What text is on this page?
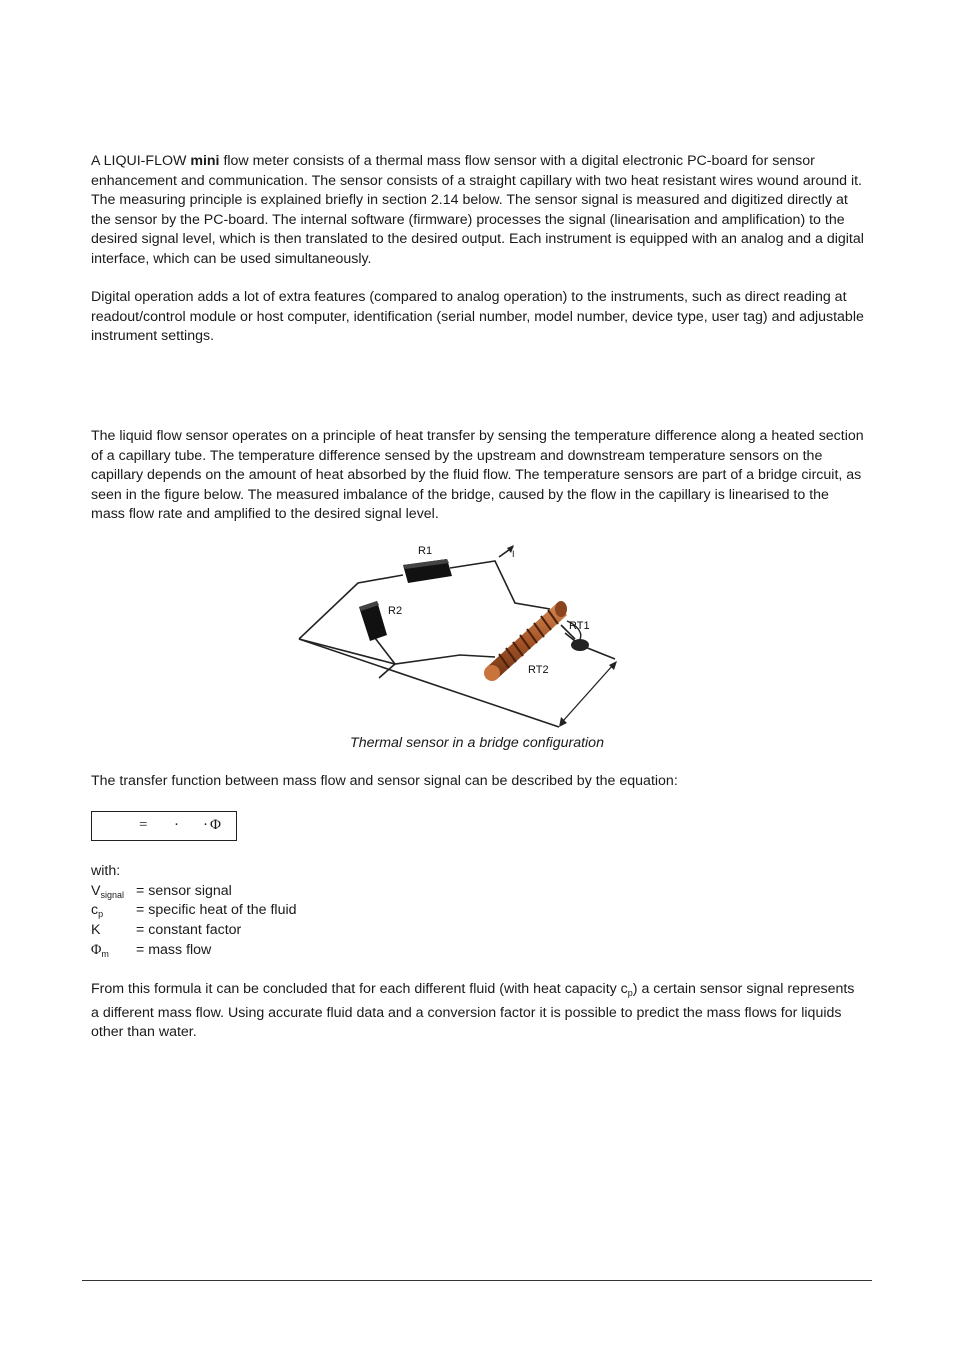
A LIQUI-FLOW mini flow meter consists of a thermal mass flow sensor with a digital electronic PC-board for sensor enhancement and communication. The sensor consists of a straight capillary with two heat resistant wires wound around it. The measuring principle is explained briefly in section 2.14 below. The sensor signal is measured and digitized directly at the sensor by the PC-board. The internal software (firmware) processes the signal (linearisation and amplification) to the desired signal level, which is then translated to the desired output. Each instrument is equipped with an analog and a digital interface, which can be used simultaneously.

Digital operation adds a lot of extra features (compared to analog operation) to the instruments, such as direct reading at readout/control module or host computer, identification (serial number, model number, device type, user tag) and adjustable instrument settings.

The liquid flow sensor operates on a principle of heat transfer by sensing the temperature difference along a heated section of a capillary tube. The temperature difference sensed by the upstream and downstream temperature sensors on the capillary depends on the amount of heat absorbed by the fluid flow. The temperature sensors are part of a bridge circuit, as seen in the figure below. The measured imbalance of the bridge, caused by the flow in the capillary is linearised to the mass flow rate and amplified to the desired signal level.

R1
R2
RT1
RT2
I
Thermal sensor in a bridge configuration

The transfer function between mass flow and sensor signal can be described by the equation:

= · · Φ
with:
$V_{signal}$ = sensor signal
$c_p$ = specific heat of the fluid
K	= constant factor
$\Phi_m$ = mass flow

From this formula it can be concluded that for each different fluid (with heat capacity $c_p$) a certain sensor signal represents a different mass flow. Using accurate fluid data and a conversion factor it is possible to predict the mass flows for liquids other than water.
